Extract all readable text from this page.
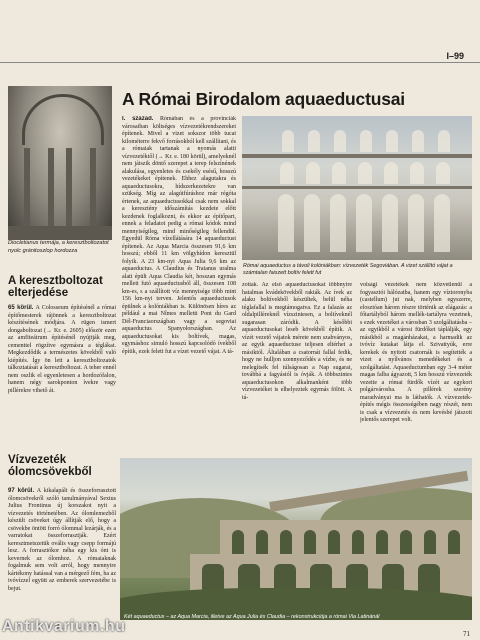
I–99
Diocletianus termája, a keresztboltozatot nyolc gránitoszlop hordozza
A keresztboltozat
elterjedése
65 körül. A Colosseum építésénél a római építőmesterek rájönnek a keresztboltozat készítésének módjára. A rügen ismert dongaboltozat (→ Kr. e. 2605) először ezen az amfiteátrum építésénél nyújtják meg, cementtel rögzítve egymásra a téglákat. Megkezdődik a természetes kövekből való kiépítés. Így ön lett a keresztboltozatok tálkoztatását a keresztboltozat. A teher ennél nem oszlik el egyenletesen a hordozófalon, hanem négy sarokponton ívekre vagy pillérekre vihető át.
Vízvezeték
ólomcsövekből
97 körül. A kikalapált és összeforrasztott ólomcsövekről szóló tanulmányával Sextus Julius Frontinus új korszakot nyit a vízvezetés történetében. Az ólomlemezből készült csöveket úgy állítják elő, hogy a csövekbe öntött forró ólommal lezárják, és a varratokat összeforrasztják. Ezért keresztmetszetük ovális vagy csepp formájú lesz. A forrasztókor néha egy kis ónt is kevernek az ólomhoz. A rómaiaknak fogalmuk sem volt arról, hogy mennyire kártékony hatással van a mérgező fém, ha az ivóvízzel együtt az emberek szervezetébe is bejut.
A Római Birodalom aquaeductusai
I. század. Rómában és a provinciák városaiban költséges vízvezetékrendszereket építenek. Mivel a vizet sokszor több tucat kilométerre fekvő forrásokból kell szállítani, és a rómaiak tartanak a nyomás alatti vízvezetéktől (→ Kr. e. 180 körül), amelyeknél nem játszik döntő szerepet a terep felszínének alakulása, egyenletes és csekély esésű, hosszú vezetékeket építenek. Ehhez alagutakra és aquaeductusokra, hídszerkezetekre van szükség. Míg az alagútfúráshoz már régóta értenek, az aquaeductusokkal csak nem sokkal a keresztény időszámítás kezdete előtt kezdenek foglalkozni, és ekkor az építőpart, ennek a feladatot pedig a római kódok mind mennyiségileg, mind minőségileg fellendül. Egyedül Róma vízellátására 14 aquaeductust építenek. Az Aqua Marcia összesen 91,6 km hosszú; ebből 11 km völgyhídon keresztül folyik. A 23 km-nyi Aqua Julia 9,6 km az aquaeductus. A Claudius és Traianus uralma alatt épült Aqua Claudia két, hosszan egymás mellett futó aquaeductusból áll, összesen 108 km-es, s a szállított víz mennyisége több mint 156 km-nyi terven. Jelentős aquaeductusok épülnek a kolóniákban is. Különösen híres az például a mai Nîmes melletti Pont du Gard Dél-Franciaországban vagy a segoviai aquaeductus Spanyolországban. Az aquaeductusokat kis boltívek, magas, egymáshoz simuló hosszú kapcsolódó ívekből építik, ezek felett fut a vízet vezető vájat. A tá-
Római aquaeductus a távoli kolóniákban: vízvezeték Segoviában. A vizet szállító vájat a számtalan faiszett boltív felett fut
zottak. Az első aquaeductusokat többnyire hatalmas kvádekövekből rakták. Az ívek az alaku boltívekből készültek, belül néha téglafallal is megtámogatva. Ez a falazás az oldalpilléreknél vízszintesen, a boltíveknél sugarasan záródik. A későbbi aquaeductusokat leseb kövekből építik. A vízét vezető vájatok mérete nem szabványos, az egyik aquaeductuse teljesen eltérhet a másiktól. Általában a csatornát fallal fedik, hogy ne hulljon szennyeződés a vízbe, és ne melegítsék fel túlságosan a Nap sugarai, továbbá a fagyástól is óvják. A többszintes aquaeductusokon alkalmanként több vízvezetéket is elhelyeztek egymás fölött. A tá-
volsági vezetékek nem közvetlenül a fogyasztói hálózatba, hanem egy víztoronyba (castellum) jut nak, melyben egyszerre, elosztóan három részre történik az elágazás: a főtartályból három mellék-tartályra vezetnek, s ezek vezetékei a városban 3 szolgáltatásba – az egyikből a városi fürdőket táplálják, egy másikból a magánházakat, a harmadik az ivóvíz kutakat látja el. Szivattyúk, erre kerekek és nyitott csatornák is segítették a vizet a nyílvános menedékeket és a szolgáltatást. Aquaeductumban egy 3-4 méter magas falba ágyazott, 5 km hosszú vízvezeték vezette a római fürdők vízét az egykori polgárvárosba. A pillérek szerény maradványai ma is láthatók. A vízvezeték-építés mégis összességében nagy részét, nem is csak a vízvezetés és nem kevésbé játszott jelentős szerepet volt.
Két aquaeductus – az Aqua Marcia, illetve az Aqua Julia és Claudia – rekonstrukciója a római Via Latinánál
Antikvarium.hu	71
